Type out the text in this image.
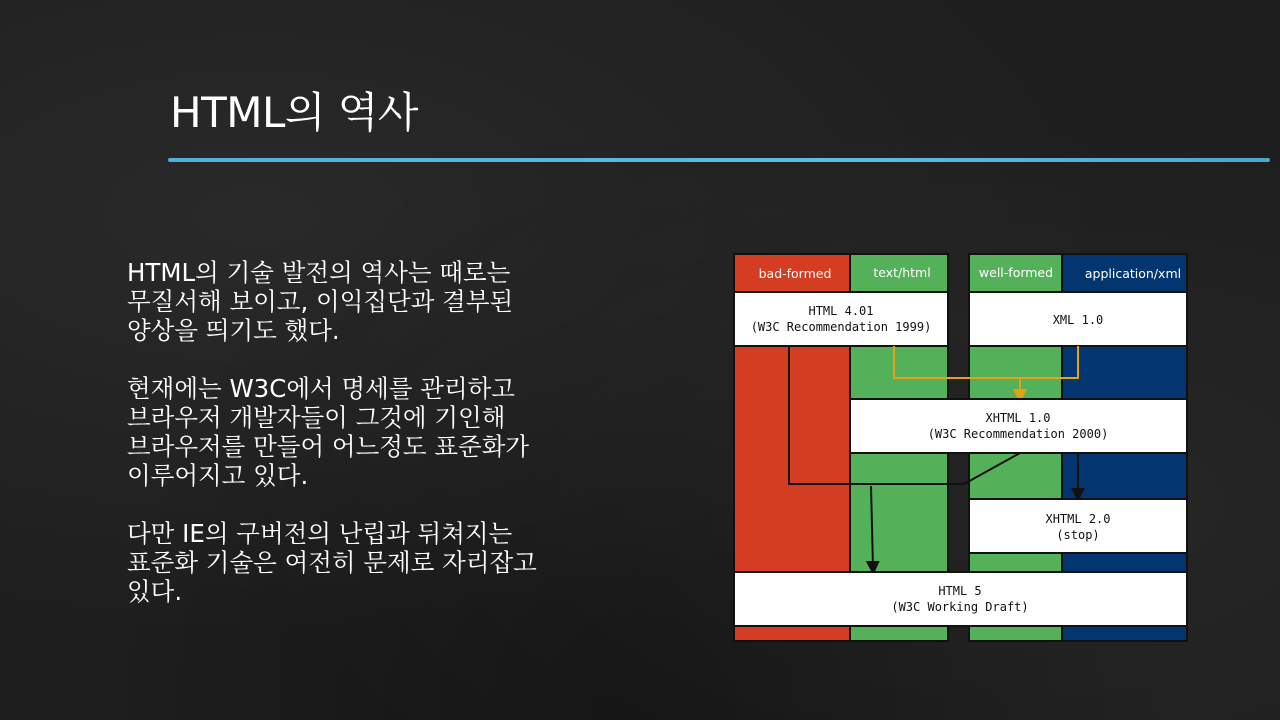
HTML의 역사

HTML의 기술 발전의 역사는 때로는
무질서해 보이고, 이익집단과 결부된
양상을 띄기도 했다.

현재에는 W3C에서 명세를 관리하고
브라우저 개발자들이 그것에 기인해
브라우저를 만들어 어느정도 표준화가
이루어지고 있다.

다만 IE의 구버전의 난립과 뒤쳐지는
표준화 기술은 여전히 문제로 자리잡고
있다.

bad-formed	text/html	well-formed	application/xml
HTML 4.01
(W3C Recommendation 1999)	XML 1.0
XHTML 1.0
(W3C Recommendation 2000)
XHTML 2.0
(stop)
HTML 5
(W3C Working Draft)
